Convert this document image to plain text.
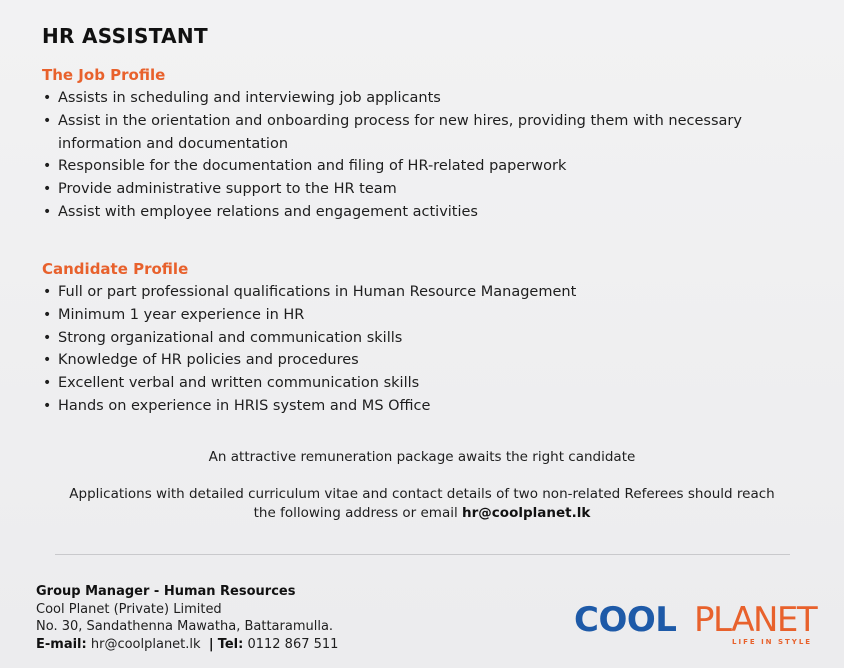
HR ASSISTANT
The Job Profile
• Assists in scheduling and interviewing job applicants
• Assist in the orientation and onboarding process for new hires, providing them with necessary information and documentation
• Responsible for the documentation and filing of HR-related paperwork
• Provide administrative support to the HR team
• Assist with employee relations and engagement activities
Candidate Profile
• Full or part professional qualifications in Human Resource Management
• Minimum 1 year experience in HR
• Strong organizational and communication skills
• Knowledge of HR policies and procedures
• Excellent verbal and written communication skills
• Hands on experience in HRIS system and MS Office
An attractive remuneration package awaits the right candidate
Applications with detailed curriculum vitae and contact details of two non-related Referees should reach
the following address or email hr@coolplanet.lk
Group Manager - Human Resources
Cool Planet (Private) Limited
No. 30, Sandathenna Mawatha, Battaramulla.
E-mail: hr@coolplanet.lk | Tel: 0112 867 511
COOL PLANET
LIFE IN STYLE
